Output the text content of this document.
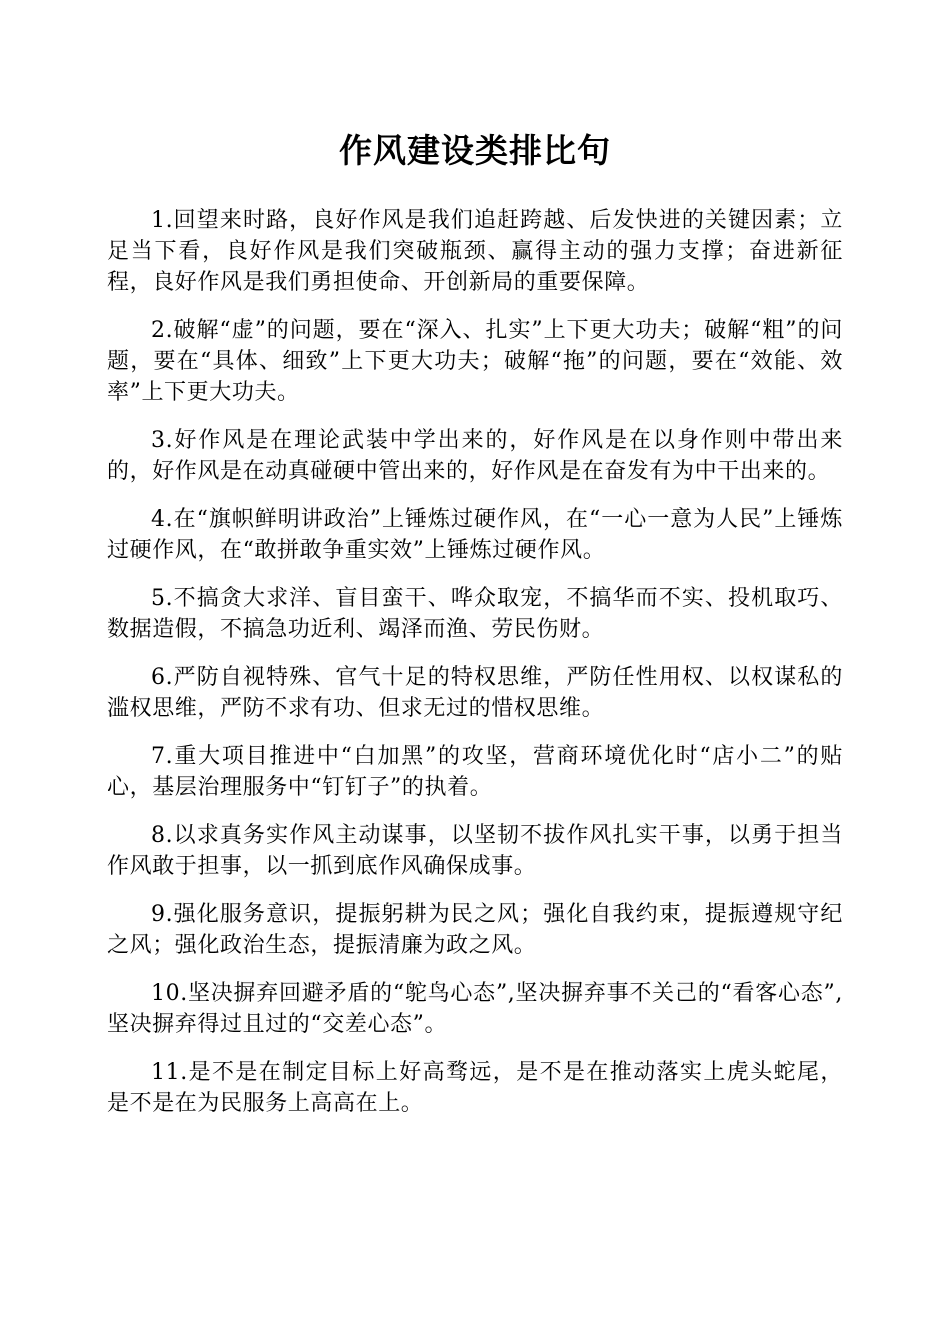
作风建设类排比句

1.回望来时路，良好作风是我们追赶跨越、后发快进的关键因素；立足当下看，良好作风是我们突破瓶颈、赢得主动的强力支撑；奋进新征程，良好作风是我们勇担使命、开创新局的重要保障。

2.破解“虚”的问题，要在“深入、扎实”上下更大功夫；破解“粗”的问题，要在“具体、细致”上下更大功夫；破解“拖”的问题，要在“效能、效率”上下更大功夫。

3.好作风是在理论武装中学出来的，好作风是在以身作则中带出来的，好作风是在动真碰硬中管出来的，好作风是在奋发有为中干出来的。

4.在“旗帜鲜明讲政治”上锤炼过硬作风，在“一心一意为人民”上锤炼过硬作风，在“敢拼敢争重实效”上锤炼过硬作风。

5.不搞贪大求洋、盲目蛮干、哗众取宠，不搞华而不实、投机取巧、数据造假，不搞急功近利、竭泽而渔、劳民伤财。

6.严防自视特殊、官气十足的特权思维，严防任性用权、以权谋私的滥权思维，严防不求有功、但求无过的惜权思维。

7.重大项目推进中“白加黑”的攻坚，营商环境优化时“店小二”的贴心，基层治理服务中“钉钉子”的执着。

8.以求真务实作风主动谋事，以坚韧不拔作风扎实干事，以勇于担当作风敢于担事，以一抓到底作风确保成事。

9.强化服务意识，提振躬耕为民之风；强化自我约束，提振遵规守纪之风；强化政治生态，提振清廉为政之风。

10.坚决摒弃回避矛盾的“鸵鸟心态”,坚决摒弃事不关己的“看客心态”,坚决摒弃得过且过的“交差心态”。

11.是不是在制定目标上好高骛远，是不是在推动落实上虎头蛇尾，是不是在为民服务上高高在上。
